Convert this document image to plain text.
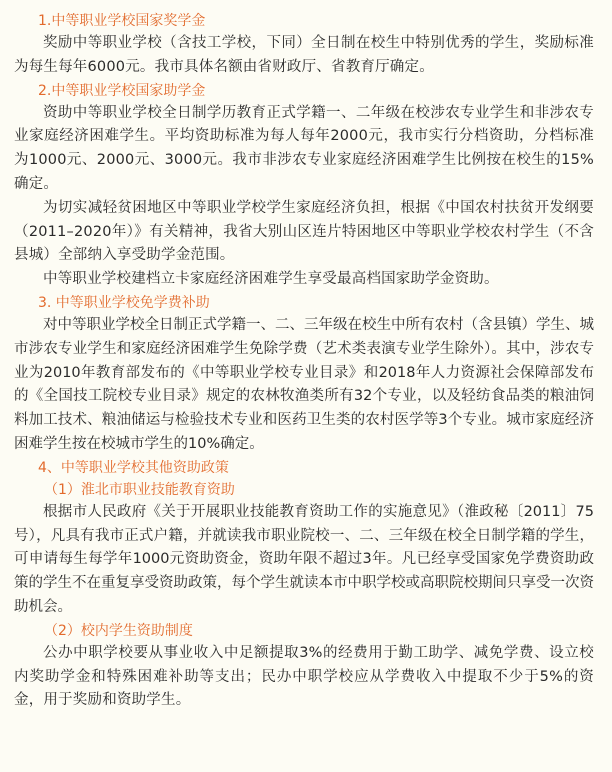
1.中等职业学校国家奖学金

奖励中等职业学校（含技工学校，下同）全日制在校生中特别优秀的学生，奖励标准为每生每年6000元。我市具体名额由省财政厅、省教育厅确定。

2.中等职业学校国家助学金

资助中等职业学校全日制学历教育正式学籍一、二年级在校涉农专业学生和非涉农专业家庭经济困难学生。平均资助标准为每人每年2000元，我市实行分档资助，分档标准为1000元、2000元、3000元。我市非涉农专业家庭经济困难学生比例按在校生的15%确定。

为切实减轻贫困地区中等职业学校学生家庭经济负担，根据《中国农村扶贫开发纲要（2011–2020年）》有关精神，我省大别山区连片特困地区中等职业学校农村学生（不含县城）全部纳入享受助学金范围。

中等职业学校建档立卡家庭经济困难学生享受最高档国家助学金资助。

3. 中等职业学校免学费补助

对中等职业学校全日制正式学籍一、二、三年级在校生中所有农村（含县镇）学生、城市涉农专业学生和家庭经济困难学生免除学费（艺术类表演专业学生除外）。其中，涉农专业为2010年教育部发布的《中等职业学校专业目录》和2018年人力资源社会保障部发布的《全国技工院校专业目录》规定的农林牧渔类所有32个专业，以及轻纺食品类的粮油饲料加工技术、粮油储运与检验技术专业和医药卫生类的农村医学等3个专业。城市家庭经济困难学生按在校城市学生的10%确定。

4、中等职业学校其他资助政策

（1）淮北市职业技能教育资助

根据市人民政府《关于开展职业技能教育资助工作的实施意见》（淮政秘〔2011〕75号），凡具有我市正式户籍，并就读我市职业院校一、二、三年级在校全日制学籍的学生，可申请每生每学年1000元资助资金，资助年限不超过3年。凡已经享受国家免学费资助政策的学生不在重复享受资助政策，每个学生就读本市中职学校或高职院校期间只享受一次资助机会。

（2）校内学生资助制度

公办中职学校要从事业收入中足额提取3%的经费用于勤工助学、减免学费、设立校内奖助学金和特殊困难补助等支出；民办中职学校应从学费收入中提取不少于5%的资金，用于奖励和资助学生。
